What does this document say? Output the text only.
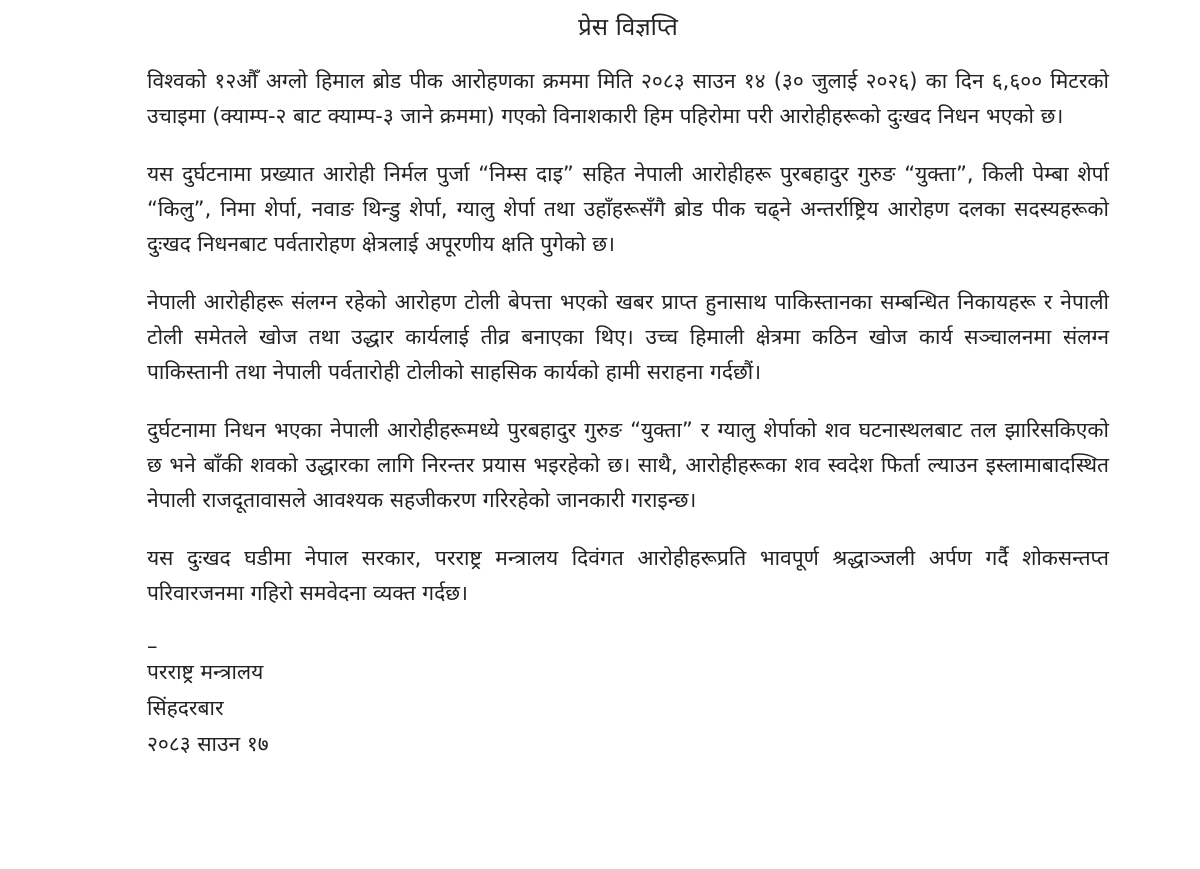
प्रेस विज्ञप्ति

विश्वको १२औँ अग्लो हिमाल ब्रोड पीक आरोहणका क्रममा मिति २०८३ साउन १४ (३० जुलाई २०२६) का दिन ६,६०० मिटरको उचाइमा (क्याम्प-२ बाट क्याम्प-३ जाने क्रममा) गएको विनाशकारी हिम पहिरोमा परी आरोहीहरूको दुःखद निधन भएको छ।

यस दुर्घटनामा प्रख्यात आरोही निर्मल पुर्जा “निम्स दाइ” सहित नेपाली आरोहीहरू पुरबहादुर गुरुङ “युक्ता”, किली पेम्बा शेर्पा “किलु”, निमा शेर्पा, नवाङ थिन्डु शेर्पा, ग्यालु शेर्पा तथा उहाँहरूसँगै ब्रोड पीक चढ्ने अन्तर्राष्ट्रिय आरोहण दलका सदस्यहरूको दुःखद निधनबाट पर्वतारोहण क्षेत्रलाई अपूरणीय क्षति पुगेको छ।

नेपाली आरोहीहरू संलग्न रहेको आरोहण टोली बेपत्ता भएको खबर प्राप्त हुनासाथ पाकिस्तानका सम्बन्धित निकायहरू र नेपाली टोली समेतले खोज तथा उद्धार कार्यलाई तीव्र बनाएका थिए। उच्च हिमाली क्षेत्रमा कठिन खोज कार्य सञ्चालनमा संलग्न पाकिस्तानी तथा नेपाली पर्वतारोही टोलीको साहसिक कार्यको हामी सराहना गर्दछौं।

दुर्घटनामा निधन भएका नेपाली आरोहीहरूमध्ये पुरबहादुर गुरुङ “युक्ता” र ग्यालु शेर्पाको शव घटनास्थलबाट तल झारिसकिएको छ भने बाँकी शवको उद्धारका लागि निरन्तर प्रयास भइरहेको छ। साथै, आरोहीहरूका शव स्वदेश फिर्ता ल्याउन इस्लामाबादस्थित नेपाली राजदूतावासले आवश्यक सहजीकरण गरिरहेको जानकारी गराइन्छ।

यस दुःखद घडीमा नेपाल सरकार, परराष्ट्र मन्त्रालय दिवंगत आरोहीहरूप्रति भावपूर्ण श्रद्धाञ्जली अर्पण गर्दै शोकसन्तप्त परिवारजनमा गहिरो समवेदना व्यक्त गर्दछ।

–
परराष्ट्र मन्त्रालय
सिंहदरबार
२०८३ साउन १७
